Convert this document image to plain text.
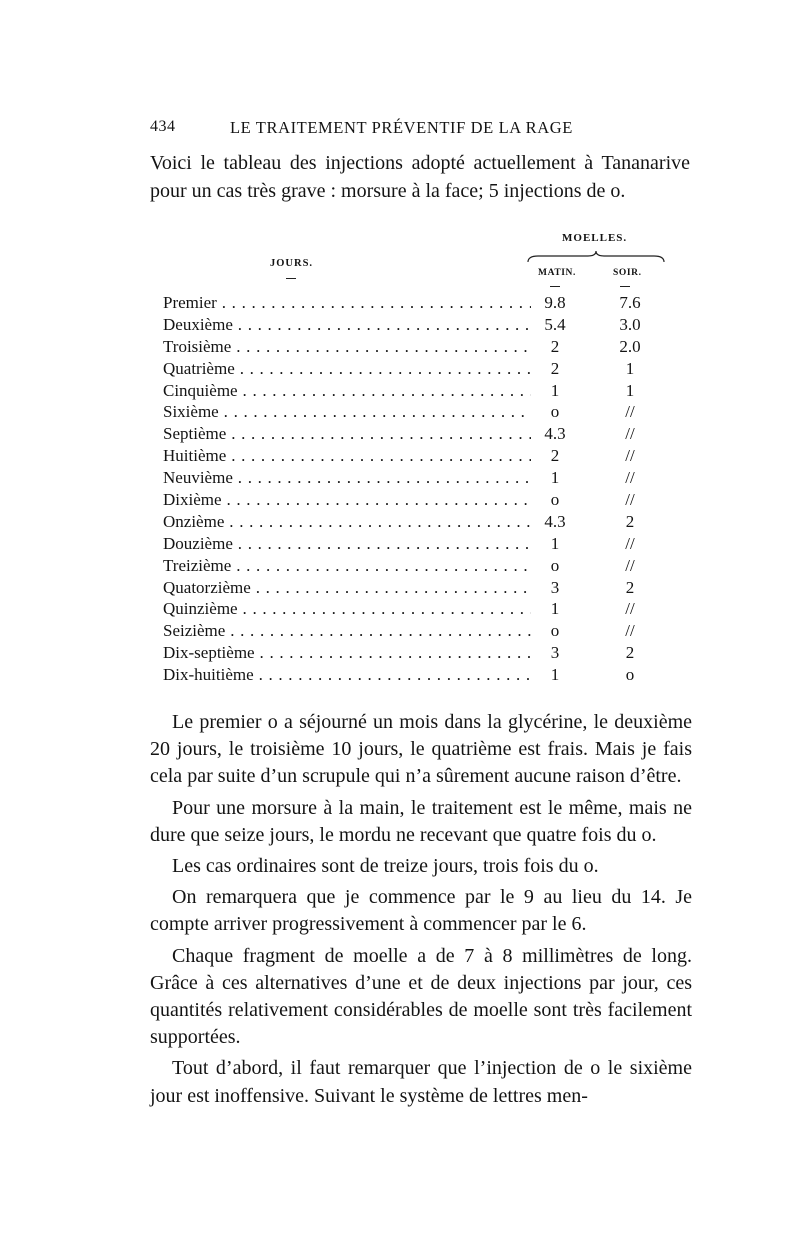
434	LE TRAITEMENT PRÉVENTIF DE LA RAGE

Voici le tableau des injections adopté actuellement à Tananarive pour un cas très grave : morsure à la face; 5 injections de o.

MOELLES.
JOURS.
MATIN.	SOIR.
Premier . . .	9.8	7.6
Deuxième . . .	5.4	3.0
Troisième . . .	2	2.0
Quatrième . . .	2	1
Cinquième . . .	1	1
Sixième . . .	o	//
Septième . . .	4.3	//
Huitième . . .	2	//
Neuvième . . .	1	//
Dixième . . .	o	//
Onzième . . .	4.3	2
Douzième . . .	1	//
Treizième . . .	o	//
Quatorzième . . .	3	2
Quinzième . . .	1	//
Seizième . . .	o	//
Dix-septième . . .	3	2
Dix-huitième . . .	1	o

Le premier o a séjourné un mois dans la glycérine, le deuxième 20 jours, le troisième 10 jours, le quatrième est frais. Mais je fais cela par suite d’un scrupule qui n’a sûrement aucune raison d’être.

Pour une morsure à la main, le traitement est le même, mais ne dure que seize jours, le mordu ne recevant que quatre fois du o.

Les cas ordinaires sont de treize jours, trois fois du o.

On remarquera que je commence par le 9 au lieu du 14. Je compte arriver progressivement à commencer par le 6.

Chaque fragment de moelle a de 7 à 8 millimètres de long. Grâce à ces alternatives d’une et de deux injections par jour, ces quantités relativement considérables de moelle sont très facilement supportées.

Tout d’abord, il faut remarquer que l’injection de o le sixième jour est inoffensive. Suivant le système de lettres men-
